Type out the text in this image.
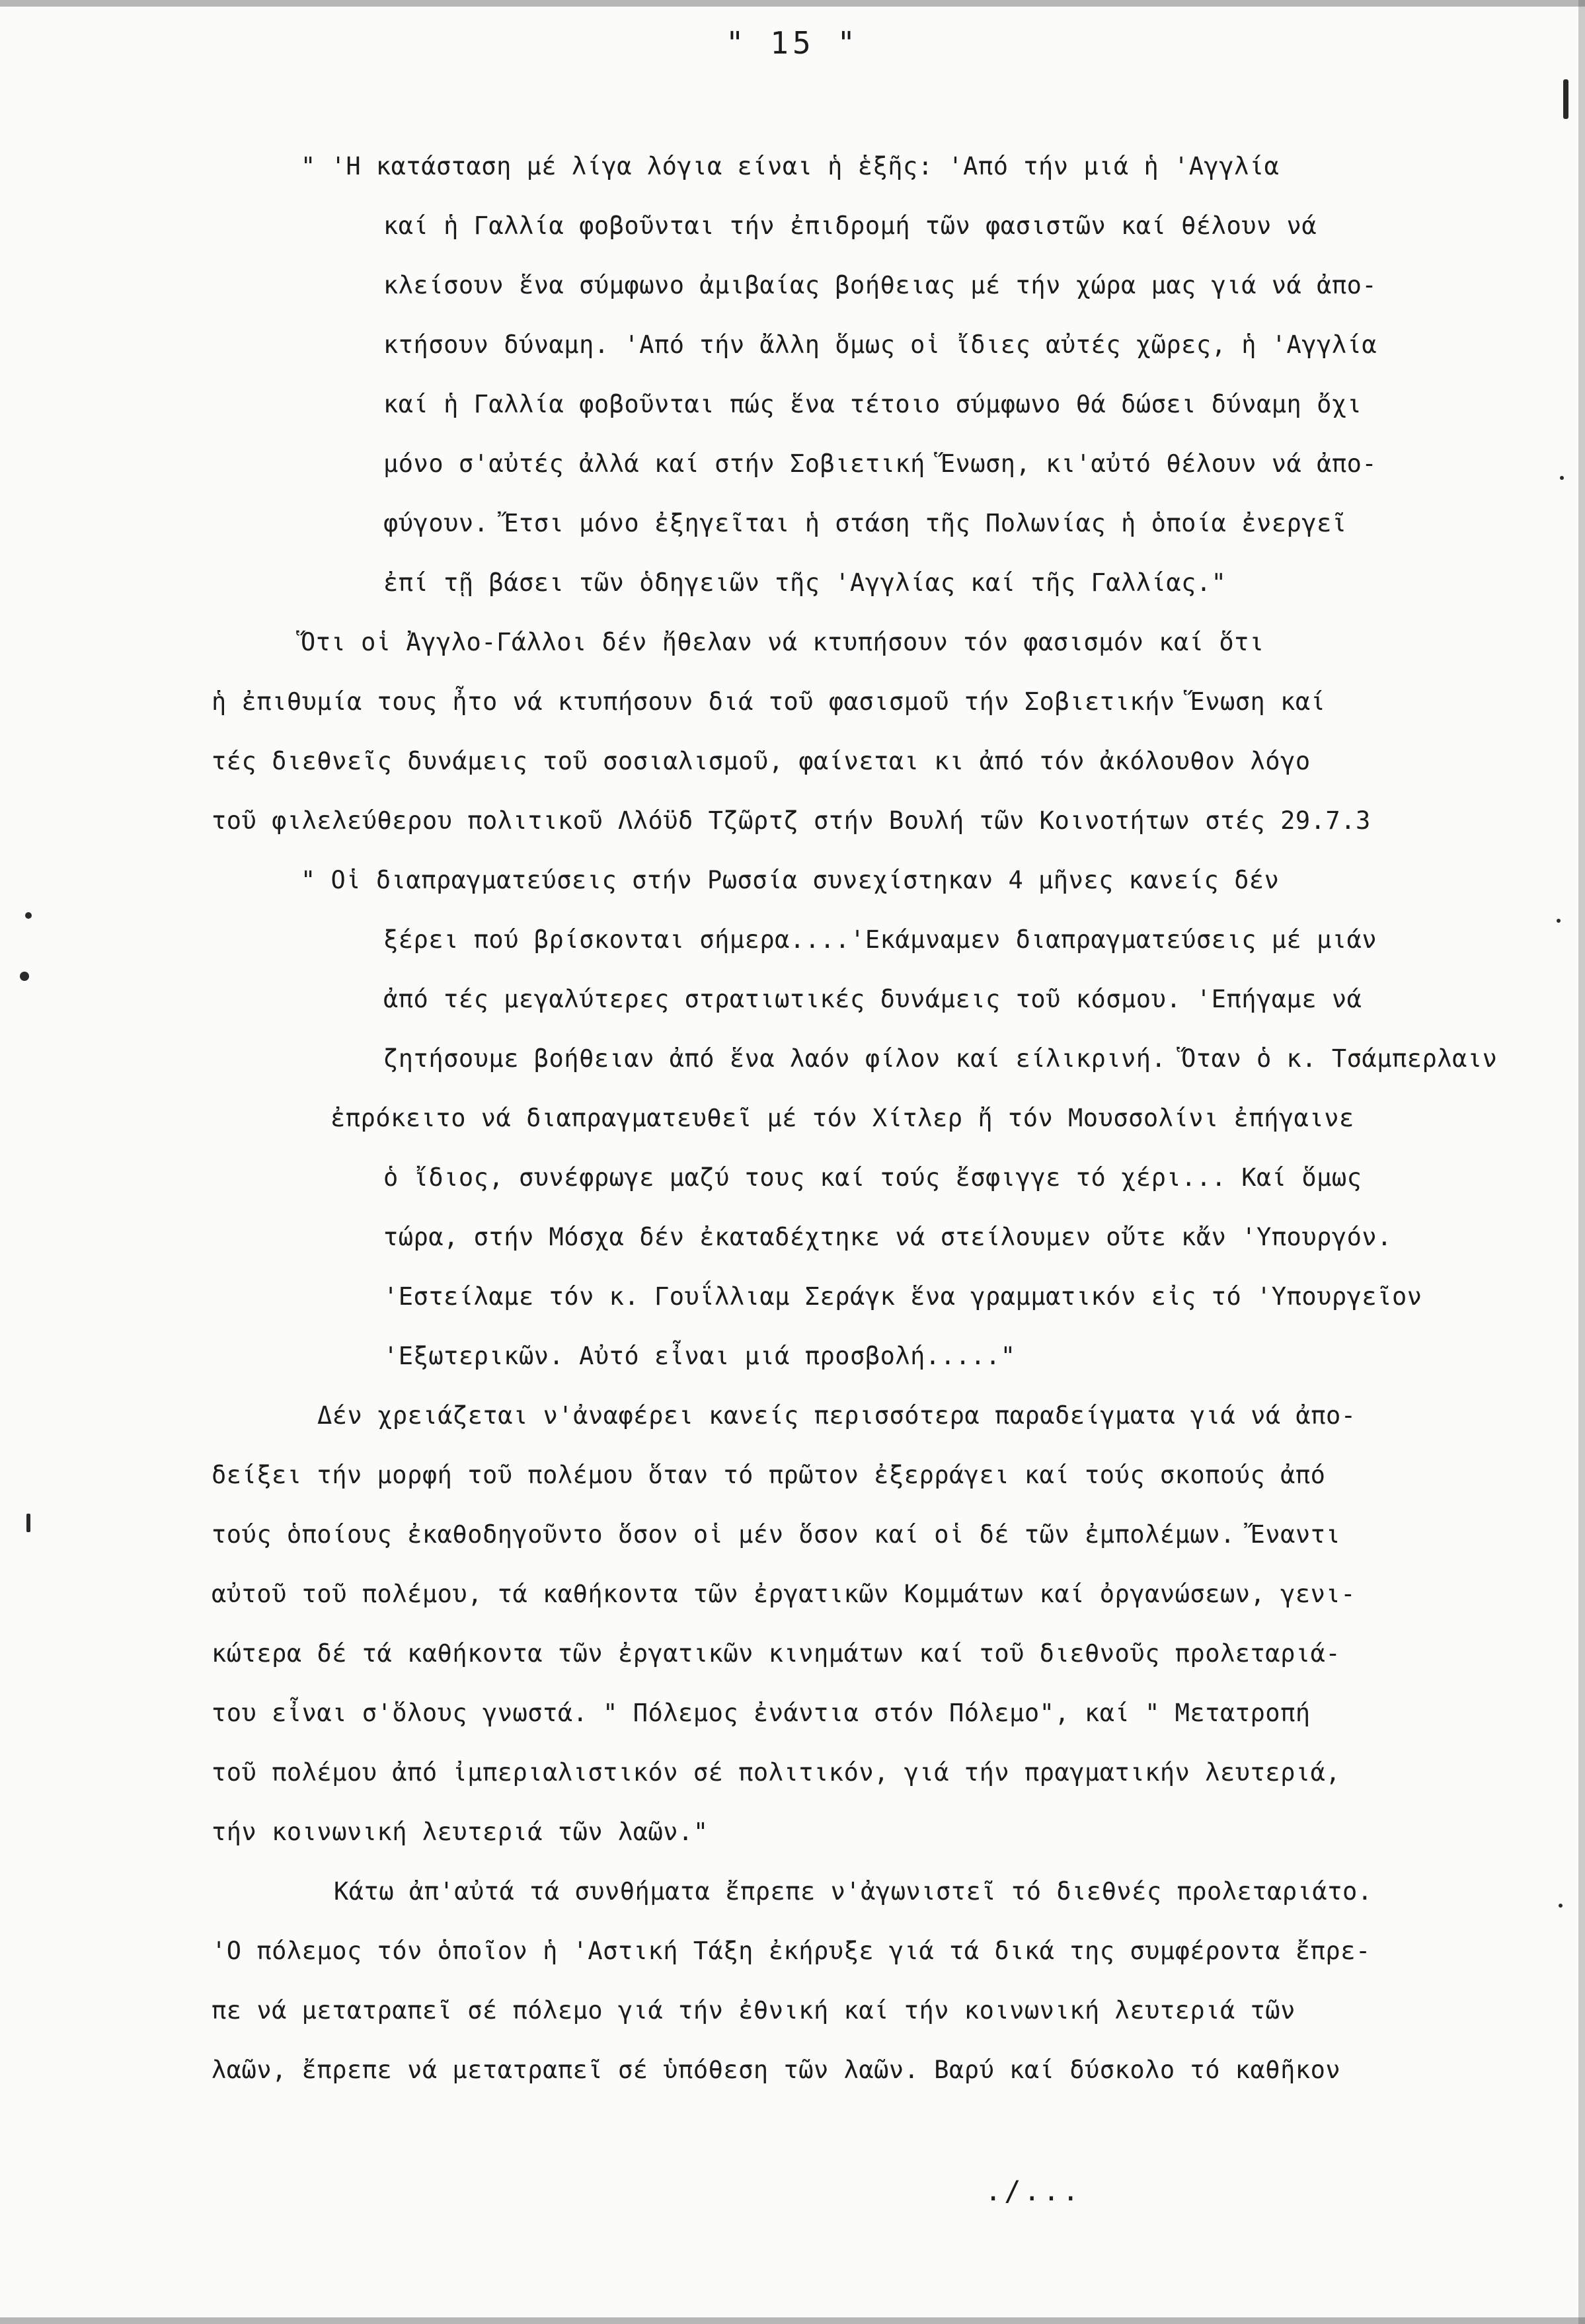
" 15 "
" 'Η κατάσταση μέ λίγα λόγια είναι ἡ ἑξῆς: 'Από τήν μιά ἡ 'Αγγλία
καί ἡ Γαλλία φοβοῦνται τήν ἐπιδρομή τῶν φασιστῶν καί θέλουν νά
κλείσουν ἕνα σύμφωνο ἀμιβαίας βοήθειας μέ τήν χώρα μας γιά νά ἀπο-
κτήσουν δύναμη. 'Από τήν ἄλλη ὅμως οἱ ἴδιες αὐτές χῶρες, ἡ 'Αγγλία
καί ἡ Γαλλία φοβοῦνται πώς ἕνα τέτοιο σύμφωνο θά δώσει δύναμη ὄχι
μόνο σ'αὐτές ἀλλά καί στήν Σοβιετική Ἕνωση, κι'αὐτό θέλουν νά ἀπο-
φύγουν. Ἔτσι μόνο ἐξηγεῖται ἡ στάση τῆς Πολωνίας ἡ ὁποία ἐνεργεῖ
ἐπί τῇ βάσει τῶν ὁδηγειῶν τῆς 'Αγγλίας καί τῆς Γαλλίας."
Ὅτι οἱ Ἀγγλο-Γάλλοι δέν ἤθελαν νά κτυπήσουν τόν φασισμόν καί ὅτι
ἡ ἐπιθυμία τους ἦτο νά κτυπήσουν διά τοῦ φασισμοῦ τήν Σοβιετικήν Ἕνωση καί
τές διεθνεῖς δυνάμεις τοῦ σοσιαλισμοῦ, φαίνεται κι ἀπό τόν ἀκόλουθον λόγο
τοῦ φιλελεύθερου πολιτικοῦ Λλόϋδ Τζῶρτζ στήν Βουλή τῶν Κοινοτήτων στές 29.7.3
" Οἱ διαπραγματεύσεις στήν Ρωσσία συνεχίστηκαν 4 μῆνες κανείς δέν
ξέρει πού βρίσκονται σήμερα....'Εκάμναμεν διαπραγματεύσεις μέ μιάν
ἀπό τές μεγαλύτερες στρατιωτικές δυνάμεις τοῦ κόσμου. 'Επήγαμε νά
ζητήσουμε βοήθειαν ἀπό ἕνα λαόν φίλον καί είλικρινή. Ὅταν ὁ κ. Τσάμπερλαιν
ἐπρόκειτο νά διαπραγματευθεῖ μέ τόν Χίτλερ ἤ τόν Μουσσολίνι ἐπήγαινε
ὁ ἴδιος, συνέφρωγε μαζύ τους καί τούς ἔσφιγγε τό χέρι... Καί ὅμως
τώρα, στήν Μόσχα δέν ἐκαταδέχτηκε νά στείλουμεν οὔτε κἄν 'Υπουργόν.
'Εστείλαμε τόν κ. Γουΐλλιαμ Σεράγκ ἕνα γραμματικόν εἰς τό 'Υπουργεῖον
'Εξωτερικῶν. Αὐτό εἶναι μιά προσβολή....."
Δέν χρειάζεται ν'ἀναφέρει κανείς περισσότερα παραδείγματα γιά νά ἀπο-
δείξει τήν μορφή τοῦ πολέμου ὅταν τό πρῶτον ἐξερράγει καί τούς σκοπούς ἀπό
τούς ὁποίους ἐκαθοδηγοῦντο ὅσον οἱ μέν ὅσον καί οἱ δέ τῶν ἐμπολέμων. Ἔναντι
αὐτοῦ τοῦ πολέμου, τά καθήκοντα τῶν ἐργατικῶν Κομμάτων καί ὀργανώσεων, γενι-
κώτερα δέ τά καθήκοντα τῶν ἐργατικῶν κινημάτων καί τοῦ διεθνοῦς προλεταριά-
του εἶναι σ'ὅλους γνωστά. " Πόλεμος ἐνάντια στόν Πόλεμο", καί " Μετατροπή
τοῦ πολέμου ἀπό ἰμπεριαλιστικόν σέ πολιτικόν, γιά τήν πραγματικήν λευτεριά,
τήν κοινωνική λευτεριά τῶν λαῶν."
Κάτω ἀπ'αὐτά τά συνθήματα ἔπρεπε ν'ἀγωνιστεῖ τό διεθνές προλεταριάτο.
'Ο πόλεμος τόν ὁποῖον ἡ 'Αστική Τάξη ἐκήρυξε γιά τά δικά της συμφέροντα ἔπρε-
πε νά μετατραπεῖ σέ πόλεμο γιά τήν ἐθνική καί τήν κοινωνική λευτεριά τῶν
λαῶν, ἔπρεπε νά μετατραπεῖ σέ ὑπόθεση τῶν λαῶν. Βαρύ καί δύσκολο τό καθῆκον
./...
